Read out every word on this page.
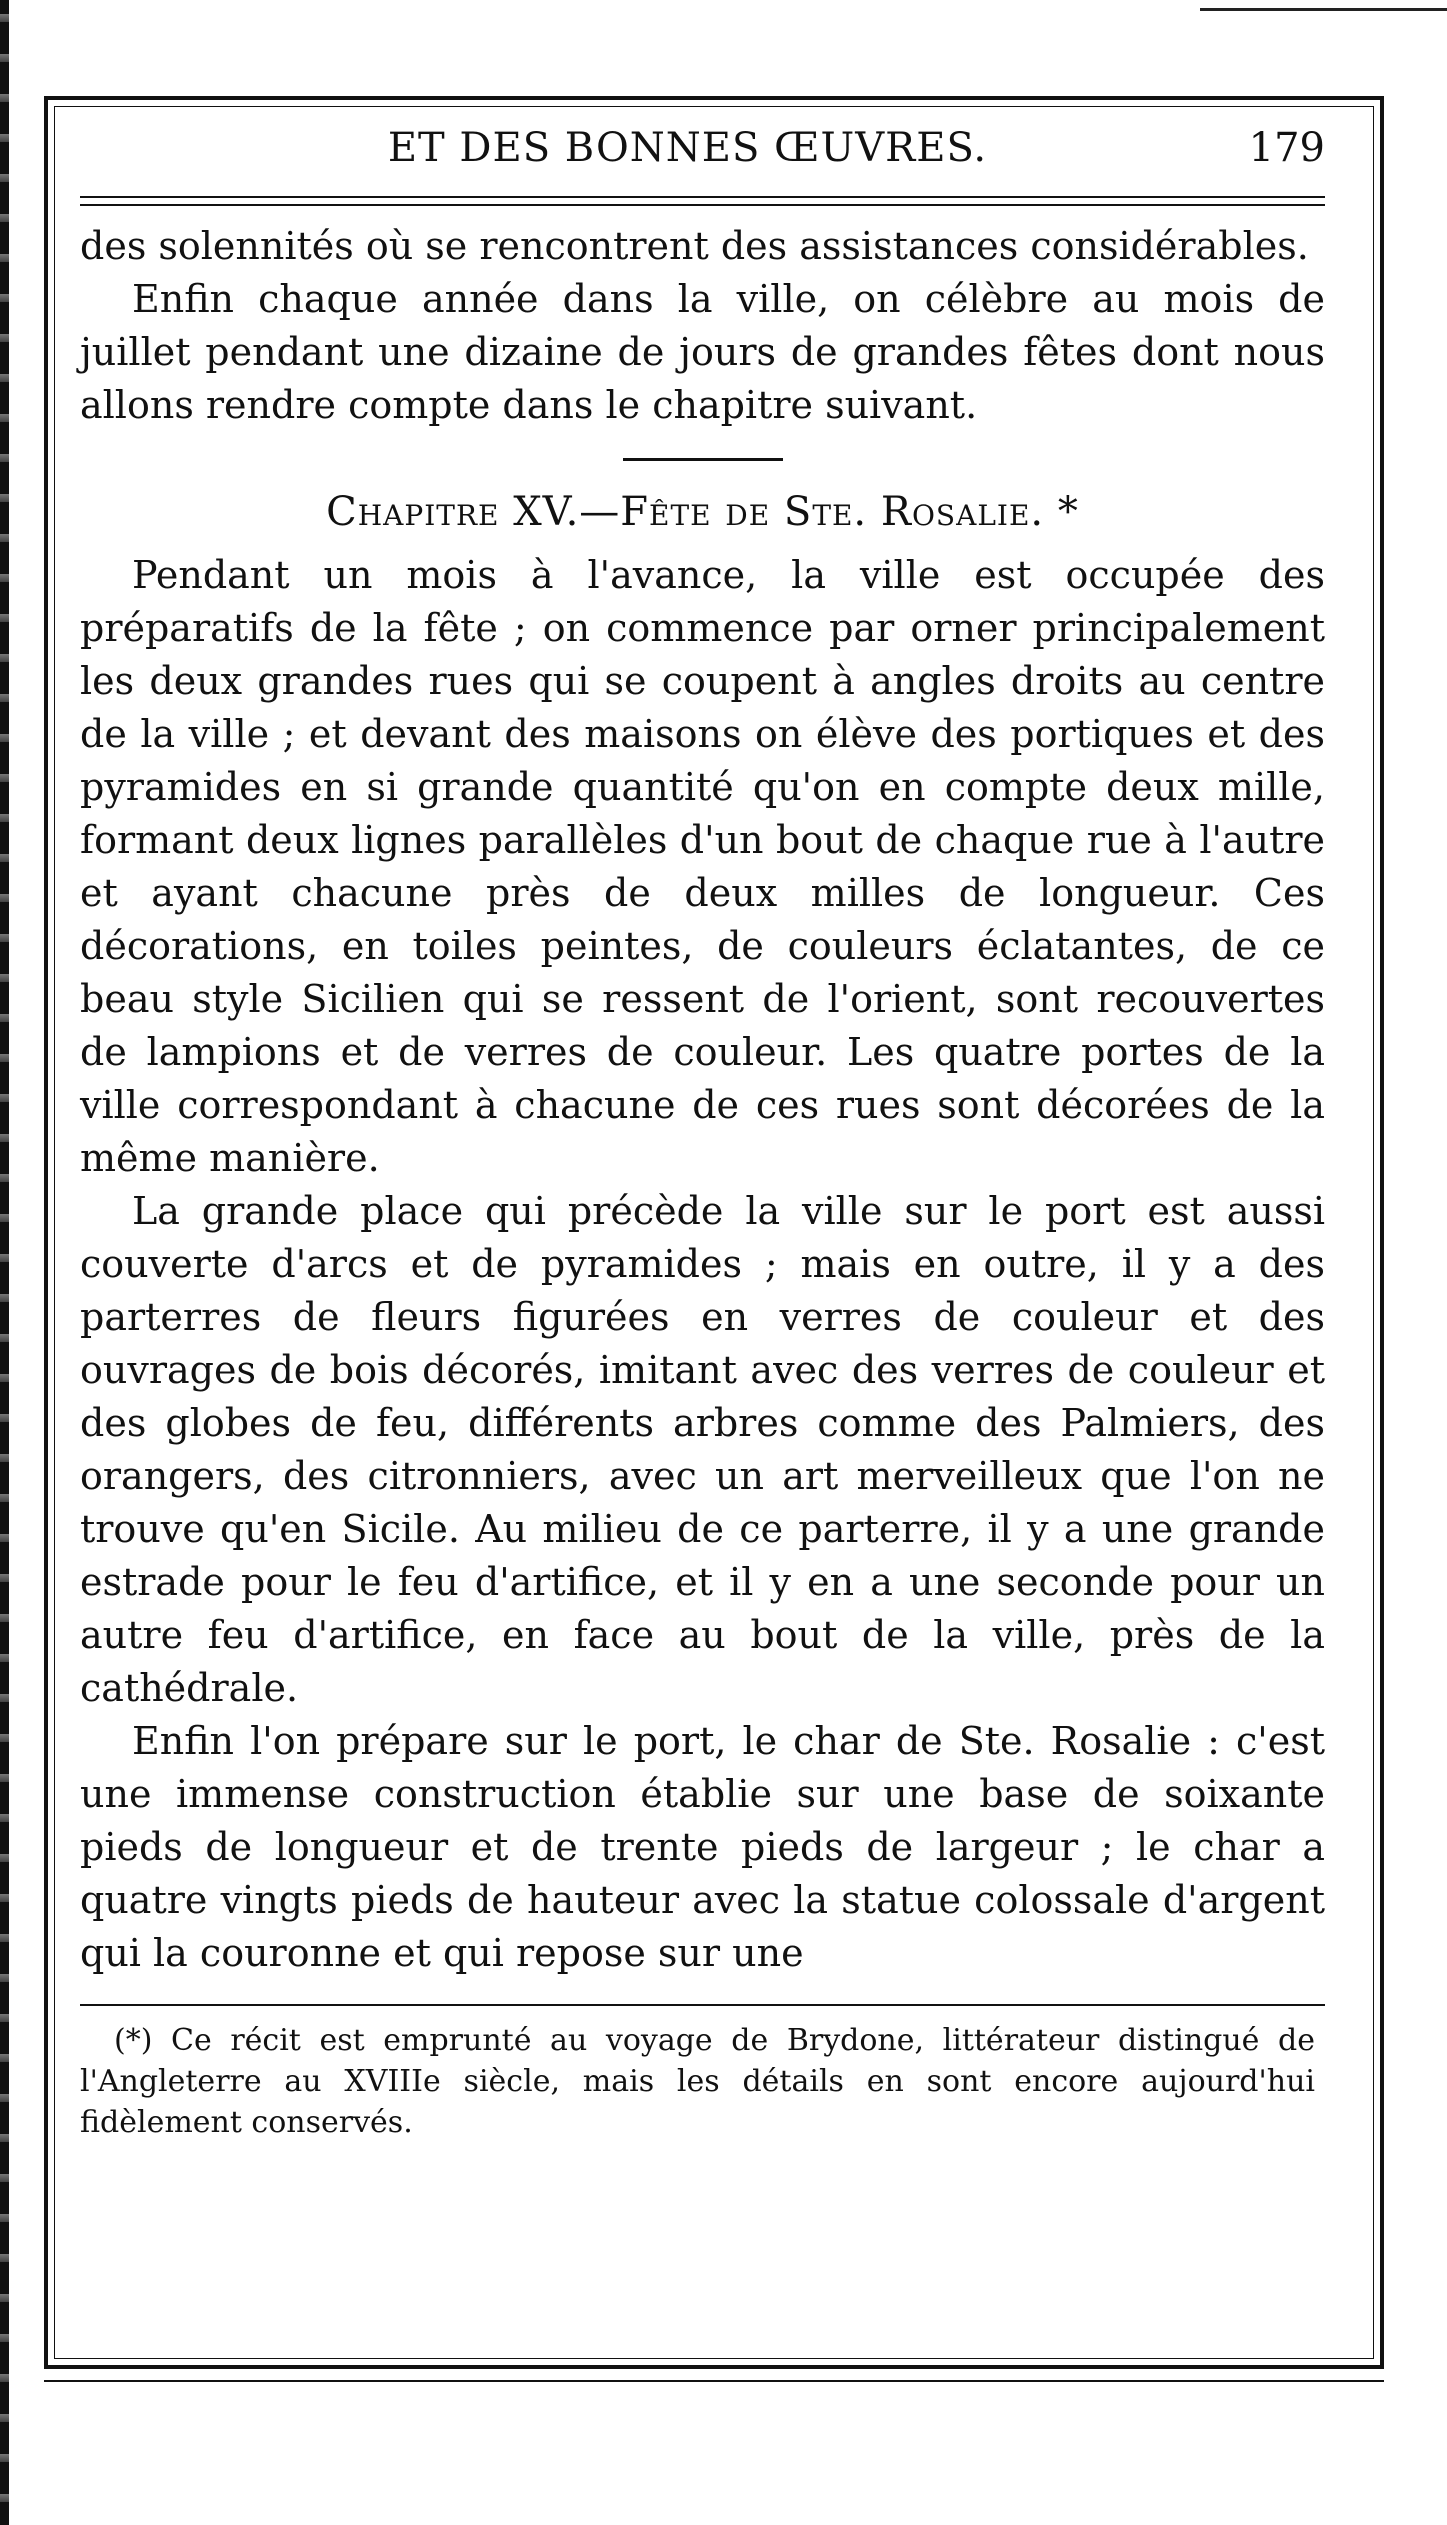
ET DES BONNES ŒUVRES.	179

des solennités où se rencontrent des assistances considérables.

Enfin chaque année dans la ville, on célèbre au mois de juillet pendant une dizaine de jours de grandes fêtes dont nous allons rendre compte dans le chapitre suivant.

Chapitre XV.—Fête de Ste. Rosalie. *

Pendant un mois à l'avance, la ville est occupée des préparatifs de la fête ; on commence par orner principalement les deux grandes rues qui se coupent à angles droits au centre de la ville ; et devant des maisons on élève des portiques et des pyramides en si grande quantité qu'on en compte deux mille, formant deux lignes parallèles d'un bout de chaque rue à l'autre et ayant chacune près de deux milles de longueur. Ces décorations, en toiles peintes, de couleurs éclatantes, de ce beau style Sicilien qui se ressent de l'orient, sont recouvertes de lampions et de verres de couleur. Les quatre portes de la ville correspondant à chacune de ces rues sont décorées de la même manière.

La grande place qui précède la ville sur le port est aussi couverte d'arcs et de pyramides ; mais en outre, il y a des parterres de fleurs figurées en verres de couleur et des ouvrages de bois décorés, imitant avec des verres de couleur et des globes de feu, différents arbres comme des Palmiers, des orangers, des citronniers, avec un art merveilleux que l'on ne trouve qu'en Sicile. Au milieu de ce parterre, il y a une grande estrade pour le feu d'artifice, et il y en a une seconde pour un autre feu d'artifice, en face au bout de la ville, près de la cathédrale.

Enfin l'on prépare sur le port, le char de Ste. Rosalie : c'est une immense construction établie sur une base de soixante pieds de longueur et de trente pieds de largeur ; le char a quatre vingts pieds de hauteur avec la statue colossale d'argent qui la couronne et qui repose sur une

(*) Ce récit est emprunté au voyage de Brydone, littérateur distingué de l'Angleterre au XVIIIe siècle, mais les détails en sont encore aujourd'hui fidèlement conservés.
